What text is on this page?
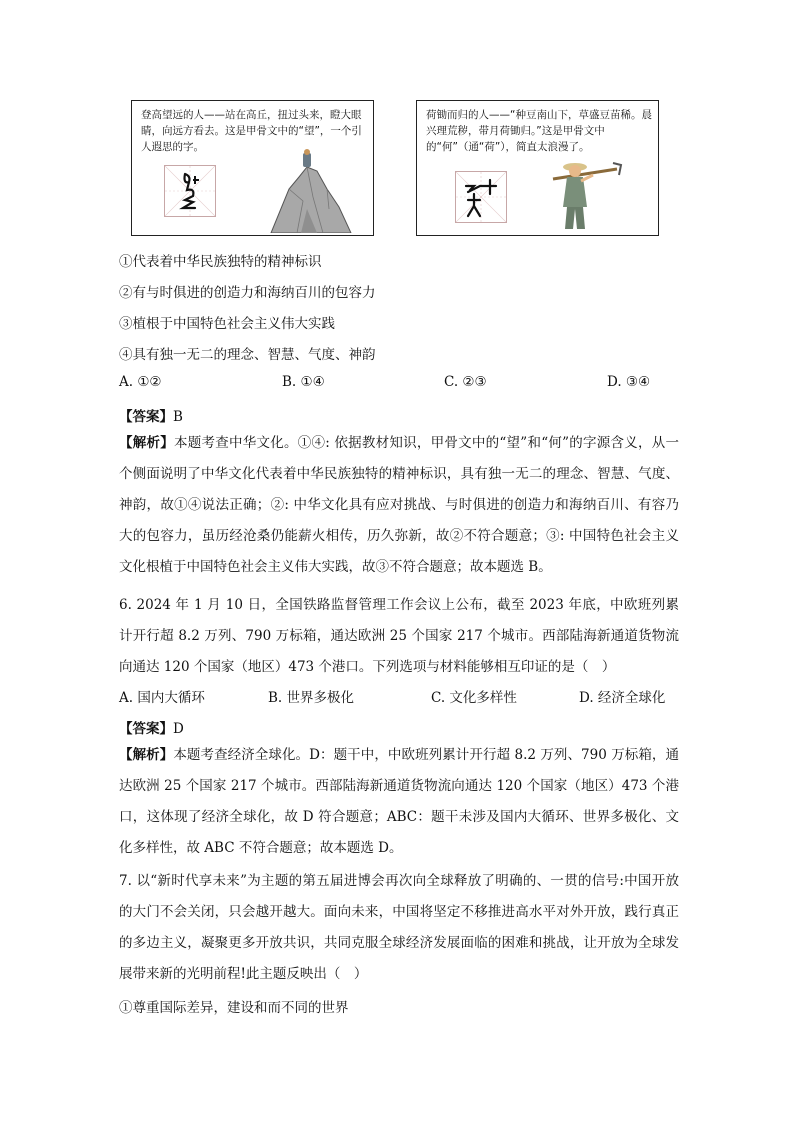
登高望远的人——站在高丘，扭过头来，瞪大眼睛，向远方看去。这是甲骨文中的“望”，一个引人遐思的字。

荷锄而归的人——“种豆南山下，草盛豆苗稀。晨兴理荒秽，带月荷锄归。”这是甲骨文中的“何”（通“荷”），简直太浪漫了。

①代表着中华民族独特的精神标识

②有与时俱进的创造力和海纳百川的包容力

③植根于中国特色社会主义伟大实践

④具有独一无二的理念、智慧、气度、神韵

A. ①②	B. ①④	C. ②③	D. ③④

【答案】B

【解析】本题考查中华文化。①④: 依据教材知识，甲骨文中的“望”和“何”的字源含义，从一个侧面说明了中华文化代表着中华民族独特的精神标识，具有独一无二的理念、智慧、气度、神韵，故①④说法正确；②: 中华文化具有应对挑战、与时俱进的创造力和海纳百川、有容乃大的包容力，虽历经沧桑仍能薪火相传，历久弥新，故②不符合题意；③: 中国特色社会主义文化根植于中国特色社会主义伟大实践，故③不符合题意；故本题选 B。

6. 2024 年 1 月 10 日，全国铁路监督管理工作会议上公布，截至 2023 年底，中欧班列累计开行超 8.2 万列、790 万标箱，通达欧洲 25 个国家 217 个城市。西部陆海新通道货物流向通达 120 个国家（地区）473 个港口。下列选项与材料能够相互印证的是（　）

A. 国内大循环	B. 世界多极化	C. 文化多样性	D. 经济全球化

【答案】D

【解析】本题考查经济全球化。D：题干中，中欧班列累计开行超 8.2 万列、790 万标箱，通达欧洲 25 个国家 217 个城市。西部陆海新通道货物流向通达 120 个国家（地区）473 个港口，这体现了经济全球化，故 D 符合题意；ABC：题干未涉及国内大循环、世界多极化、文化多样性，故 ABC 不符合题意；故本题选 D。

7. 以“新时代享未来”为主题的第五届进博会再次向全球释放了明确的、一贯的信号:中国开放的大门不会关闭，只会越开越大。面向未来，中国将坚定不移推进高水平对外开放，践行真正的多边主义，凝聚更多开放共识，共同克服全球经济发展面临的困难和挑战，让开放为全球发展带来新的光明前程!此主题反映出（　）

①尊重国际差异，建设和而不同的世界
